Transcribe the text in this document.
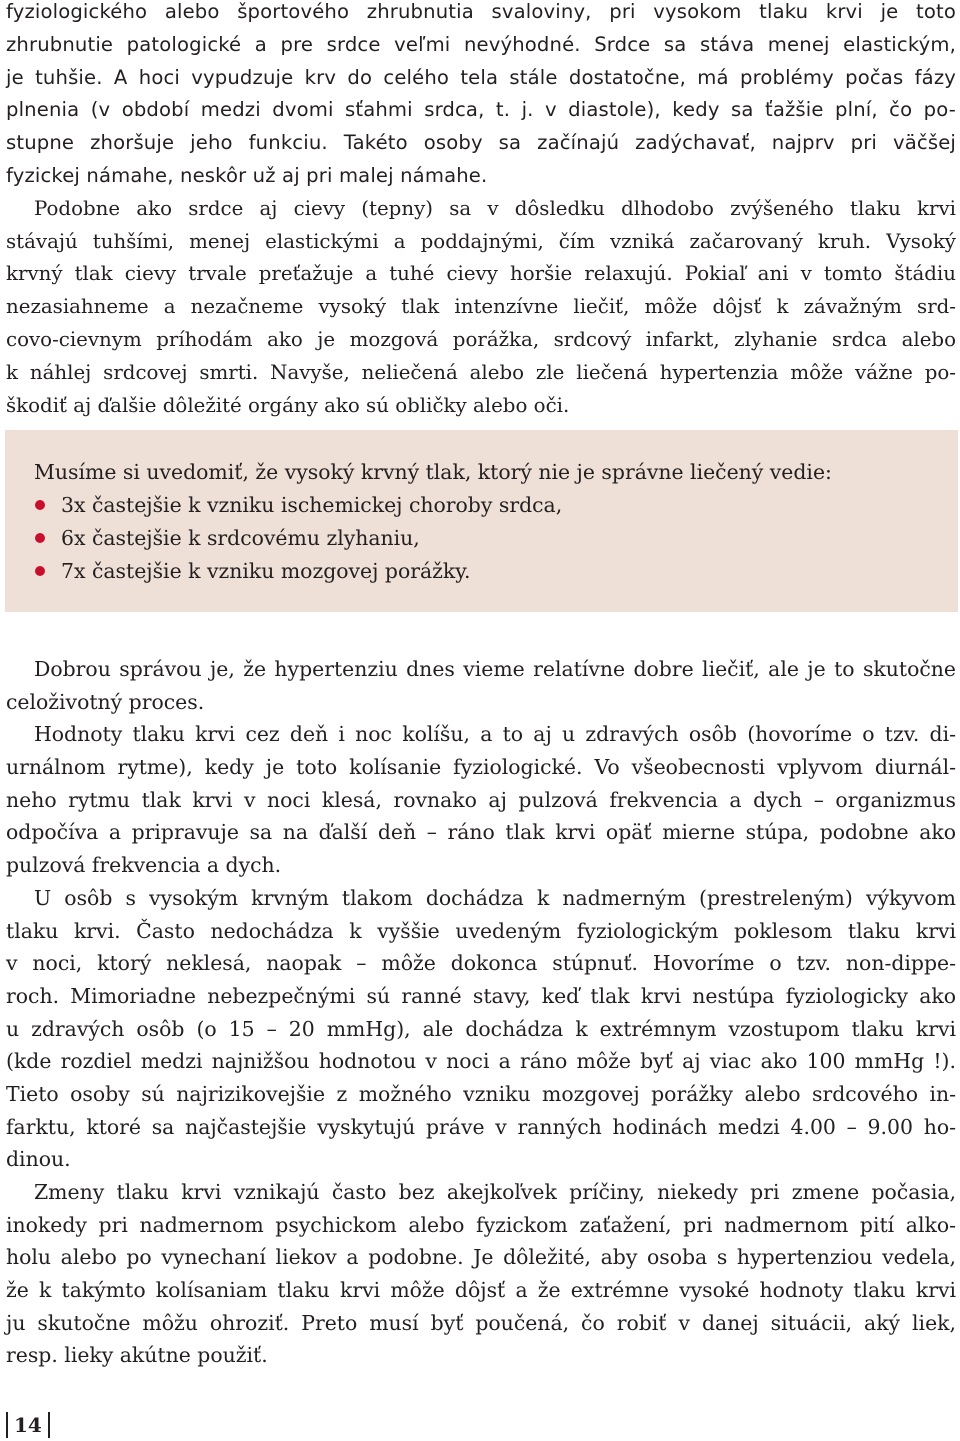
fyziologického alebo športového zhrubnutia svaloviny, pri vysokom tlaku krvi je toto
zhrubnutie patologické a pre srdce veľmi nevýhodné. Srdce sa stáva menej elastickým,
je tuhšie. A hoci vypudzuje krv do celého tela stále dostatočne, má problémy počas fázy
plnenia (v období medzi dvomi sťahmi srdca, t. j. v diastole), kedy sa ťažšie plní, čo po-
stupne zhoršuje jeho funkciu. Takéto osoby sa začínajú zadýchavať, najprv pri väčšej
fyzickej námahe, neskôr už aj pri malej námahe.
Podobne ako srdce aj cievy (tepny) sa v dôsledku dlhodobo zvýšeného tlaku krvi
stávajú tuhšími, menej elastickými a poddajnými, čím vzniká začarovaný kruh. Vysoký
krvný tlak cievy trvale preťažuje a tuhé cievy horšie relaxujú. Pokiaľ ani v tomto štádiu
nezasiahneme a nezačneme vysoký tlak intenzívne liečiť, môže dôjsť k závažným srd-
covo-cievnym príhodám ako je mozgová porážka, srdcový infarkt, zlyhanie srdca alebo
k náhlej srdcovej smrti. Navyše, neliečená alebo zle liečená hypertenzia môže vážne po-
škodiť aj ďalšie dôležité orgány ako sú obličky alebo oči.
Musíme si uvedomiť, že vysoký krvný tlak, ktorý nie je správne liečený vedie:
3x častejšie k vzniku ischemickej choroby srdca,
6x častejšie k srdcovému zlyhaniu,
7x častejšie k vzniku mozgovej porážky.
Dobrou správou je, že hypertenziu dnes vieme relatívne dobre liečiť, ale je to skutočne
celoživotný proces.
Hodnoty tlaku krvi cez deň i noc kolíšu, a to aj u zdravých osôb (hovoríme o tzv. di-
urnálnom rytme), kedy je toto kolísanie fyziologické. Vo všeobecnosti vplyvom diurnál-
neho rytmu tlak krvi v noci klesá, rovnako aj pulzová frekvencia a dych – organizmus
odpočíva a pripravuje sa na ďalší deň – ráno tlak krvi opäť mierne stúpa, podobne ako
pulzová frekvencia a dych.
U osôb s vysokým krvným tlakom dochádza k nadmerným (prestreleným) výkyvom
tlaku krvi. Často nedochádza k vyššie uvedeným fyziologickým poklesom tlaku krvi
v noci, ktorý neklesá, naopak – môže dokonca stúpnuť. Hovoríme o tzv. non-dippe-
roch. Mimoriadne nebezpečnými sú ranné stavy, keď tlak krvi nestúpa fyziologicky ako
u zdravých osôb (o 15 – 20 mmHg), ale dochádza k extrémnym vzostupom tlaku krvi
(kde rozdiel medzi najnižšou hodnotou v noci a ráno môže byť aj viac ako 100 mmHg !).
Tieto osoby sú najrizikovejšie z možného vzniku mozgovej porážky alebo srdcového in-
farktu, ktoré sa najčastejšie vyskytujú práve v ranných hodinách medzi 4.00 – 9.00 ho-
dinou.
Zmeny tlaku krvi vznikajú často bez akejkoľvek príčiny, niekedy pri zmene počasia,
inokedy pri nadmernom psychickom alebo fyzickom zaťažení, pri nadmernom pití alko-
holu alebo po vynechaní liekov a podobne. Je dôležité, aby osoba s hypertenziou vedela,
že k takýmto kolísaniam tlaku krvi môže dôjsť a že extrémne vysoké hodnoty tlaku krvi
ju skutočne môžu ohroziť. Preto musí byť poučená, čo robiť v danej situácii, aký liek,
resp. lieky akútne použiť.
14
